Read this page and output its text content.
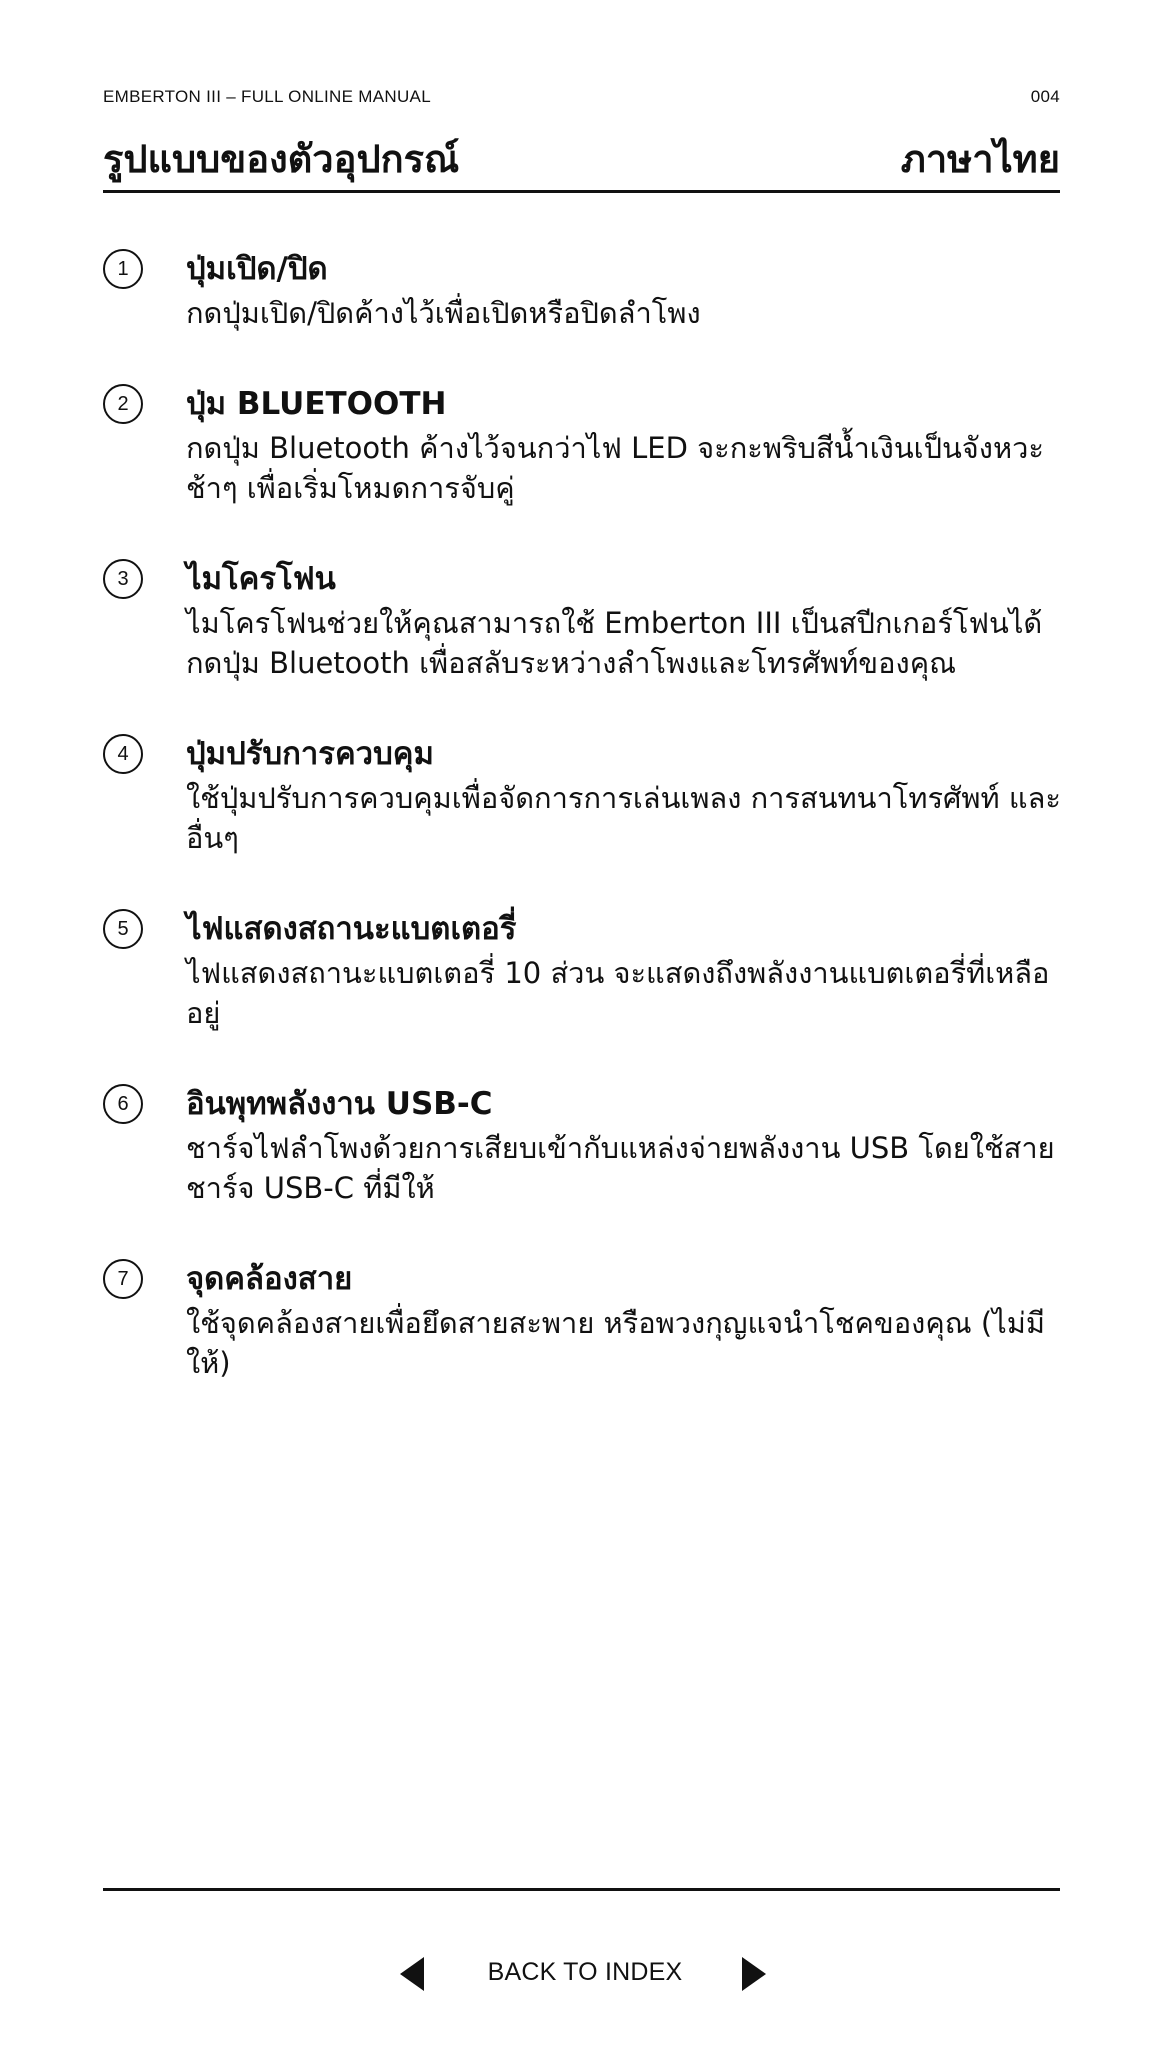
EMBERTON III – FULL ONLINE MANUAL	004
รูปแบบของตัวอุปกรณ์	ภาษาไทย
1	ปุ่มเปิด/ปิด
กดปุ่มเปิด/ปิดค้างไว้เพื่อเปิดหรือปิดลำโพง
2	ปุ่ม BLUETOOTH
กดปุ่ม Bluetooth ค้างไว้จนกว่าไฟ LED จะกะพริบสีน้ำเงินเป็นจังหวะช้าๆ เพื่อเริ่มโหมดการจับคู่
3	ไมโครโฟน
ไมโครโฟนช่วยให้คุณสามารถใช้ Emberton III เป็นสปีกเกอร์โฟนได้ กดปุ่ม Bluetooth เพื่อสลับระหว่างลำโพงและโทรศัพท์ของคุณ
4	ปุ่มปรับการควบคุม
ใช้ปุ่มปรับการควบคุมเพื่อจัดการการเล่นเพลง การสนทนาโทรศัพท์ และอื่นๆ
5	ไฟแสดงสถานะแบตเตอรี่
ไฟแสดงสถานะแบตเตอรี่ 10 ส่วน จะแสดงถึงพลังงานแบตเตอรี่ที่เหลืออยู่
6	อินพุทพลังงาน USB-C
ชาร์จไฟลำโพงด้วยการเสียบเข้ากับแหล่งจ่ายพลังงาน USB โดยใช้สายชาร์จ USB-C ที่มีให้
7	จุดคล้องสาย
ใช้จุดคล้องสายเพื่อยึดสายสะพาย หรือพวงกุญแจนำโชคของคุณ (ไม่มีให้)
BACK TO INDEX
